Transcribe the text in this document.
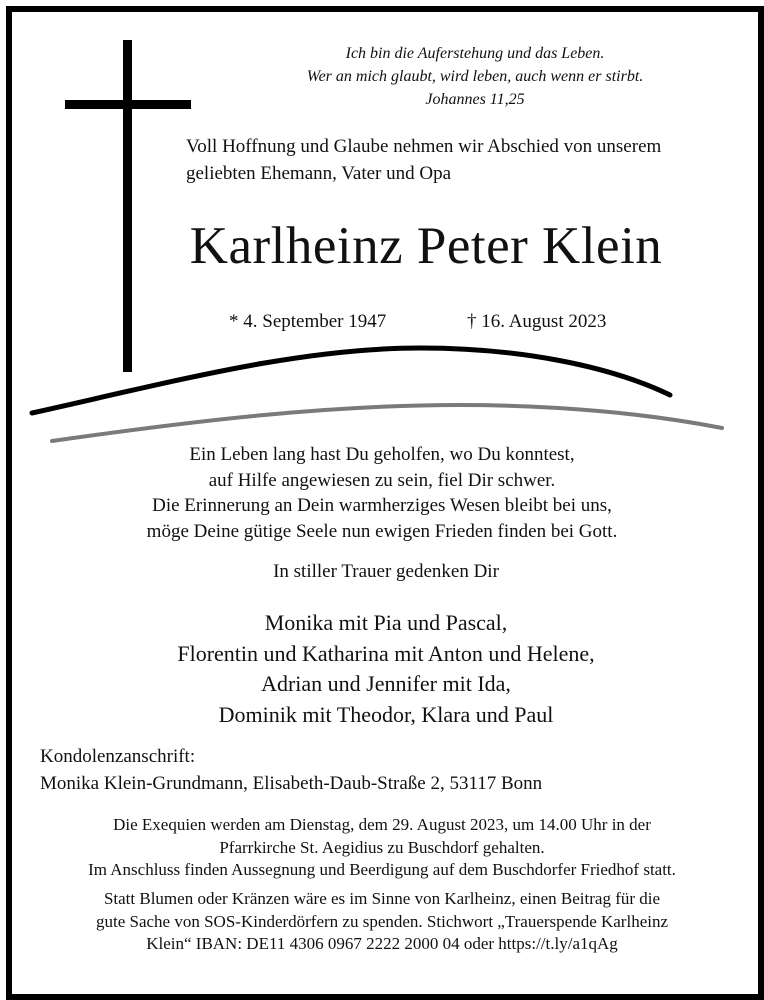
Ich bin die Auferstehung und das Leben.
Wer an mich glaubt, wird leben, auch wenn er stirbt.
Johannes 11,25
Voll Hoffnung und Glaube nehmen wir Abschied von unserem
geliebten Ehemann, Vater und Opa
Karlheinz Peter Klein
* 4. September 1947	† 16. August 2023
Ein Leben lang hast Du geholfen, wo Du konntest,
auf Hilfe angewiesen zu sein, fiel Dir schwer.
Die Erinnerung an Dein warmherziges Wesen bleibt bei uns,
möge Deine gütige Seele nun ewigen Frieden finden bei Gott.
In stiller Trauer gedenken Dir
Monika mit Pia und Pascal,
Florentin und Katharina mit Anton und Helene,
Adrian und Jennifer mit Ida,
Dominik mit Theodor, Klara und Paul
Kondolenzanschrift:
Monika Klein-Grundmann, Elisabeth-Daub-Straße 2, 53117 Bonn
Die Exequien werden am Dienstag, dem 29. August 2023, um 14.00 Uhr in der
Pfarrkirche St. Aegidius zu Buschdorf gehalten.
Im Anschluss finden Aussegnung und Beerdigung auf dem Buschdorfer Friedhof statt.
Statt Blumen oder Kränzen wäre es im Sinne von Karlheinz, einen Beitrag für die
gute Sache von SOS-Kinderdörfern zu spenden. Stichwort „Trauerspende Karlheinz
Klein“ IBAN: DE11 4306 0967 2222 2000 04 oder https://t.ly/a1qAg
